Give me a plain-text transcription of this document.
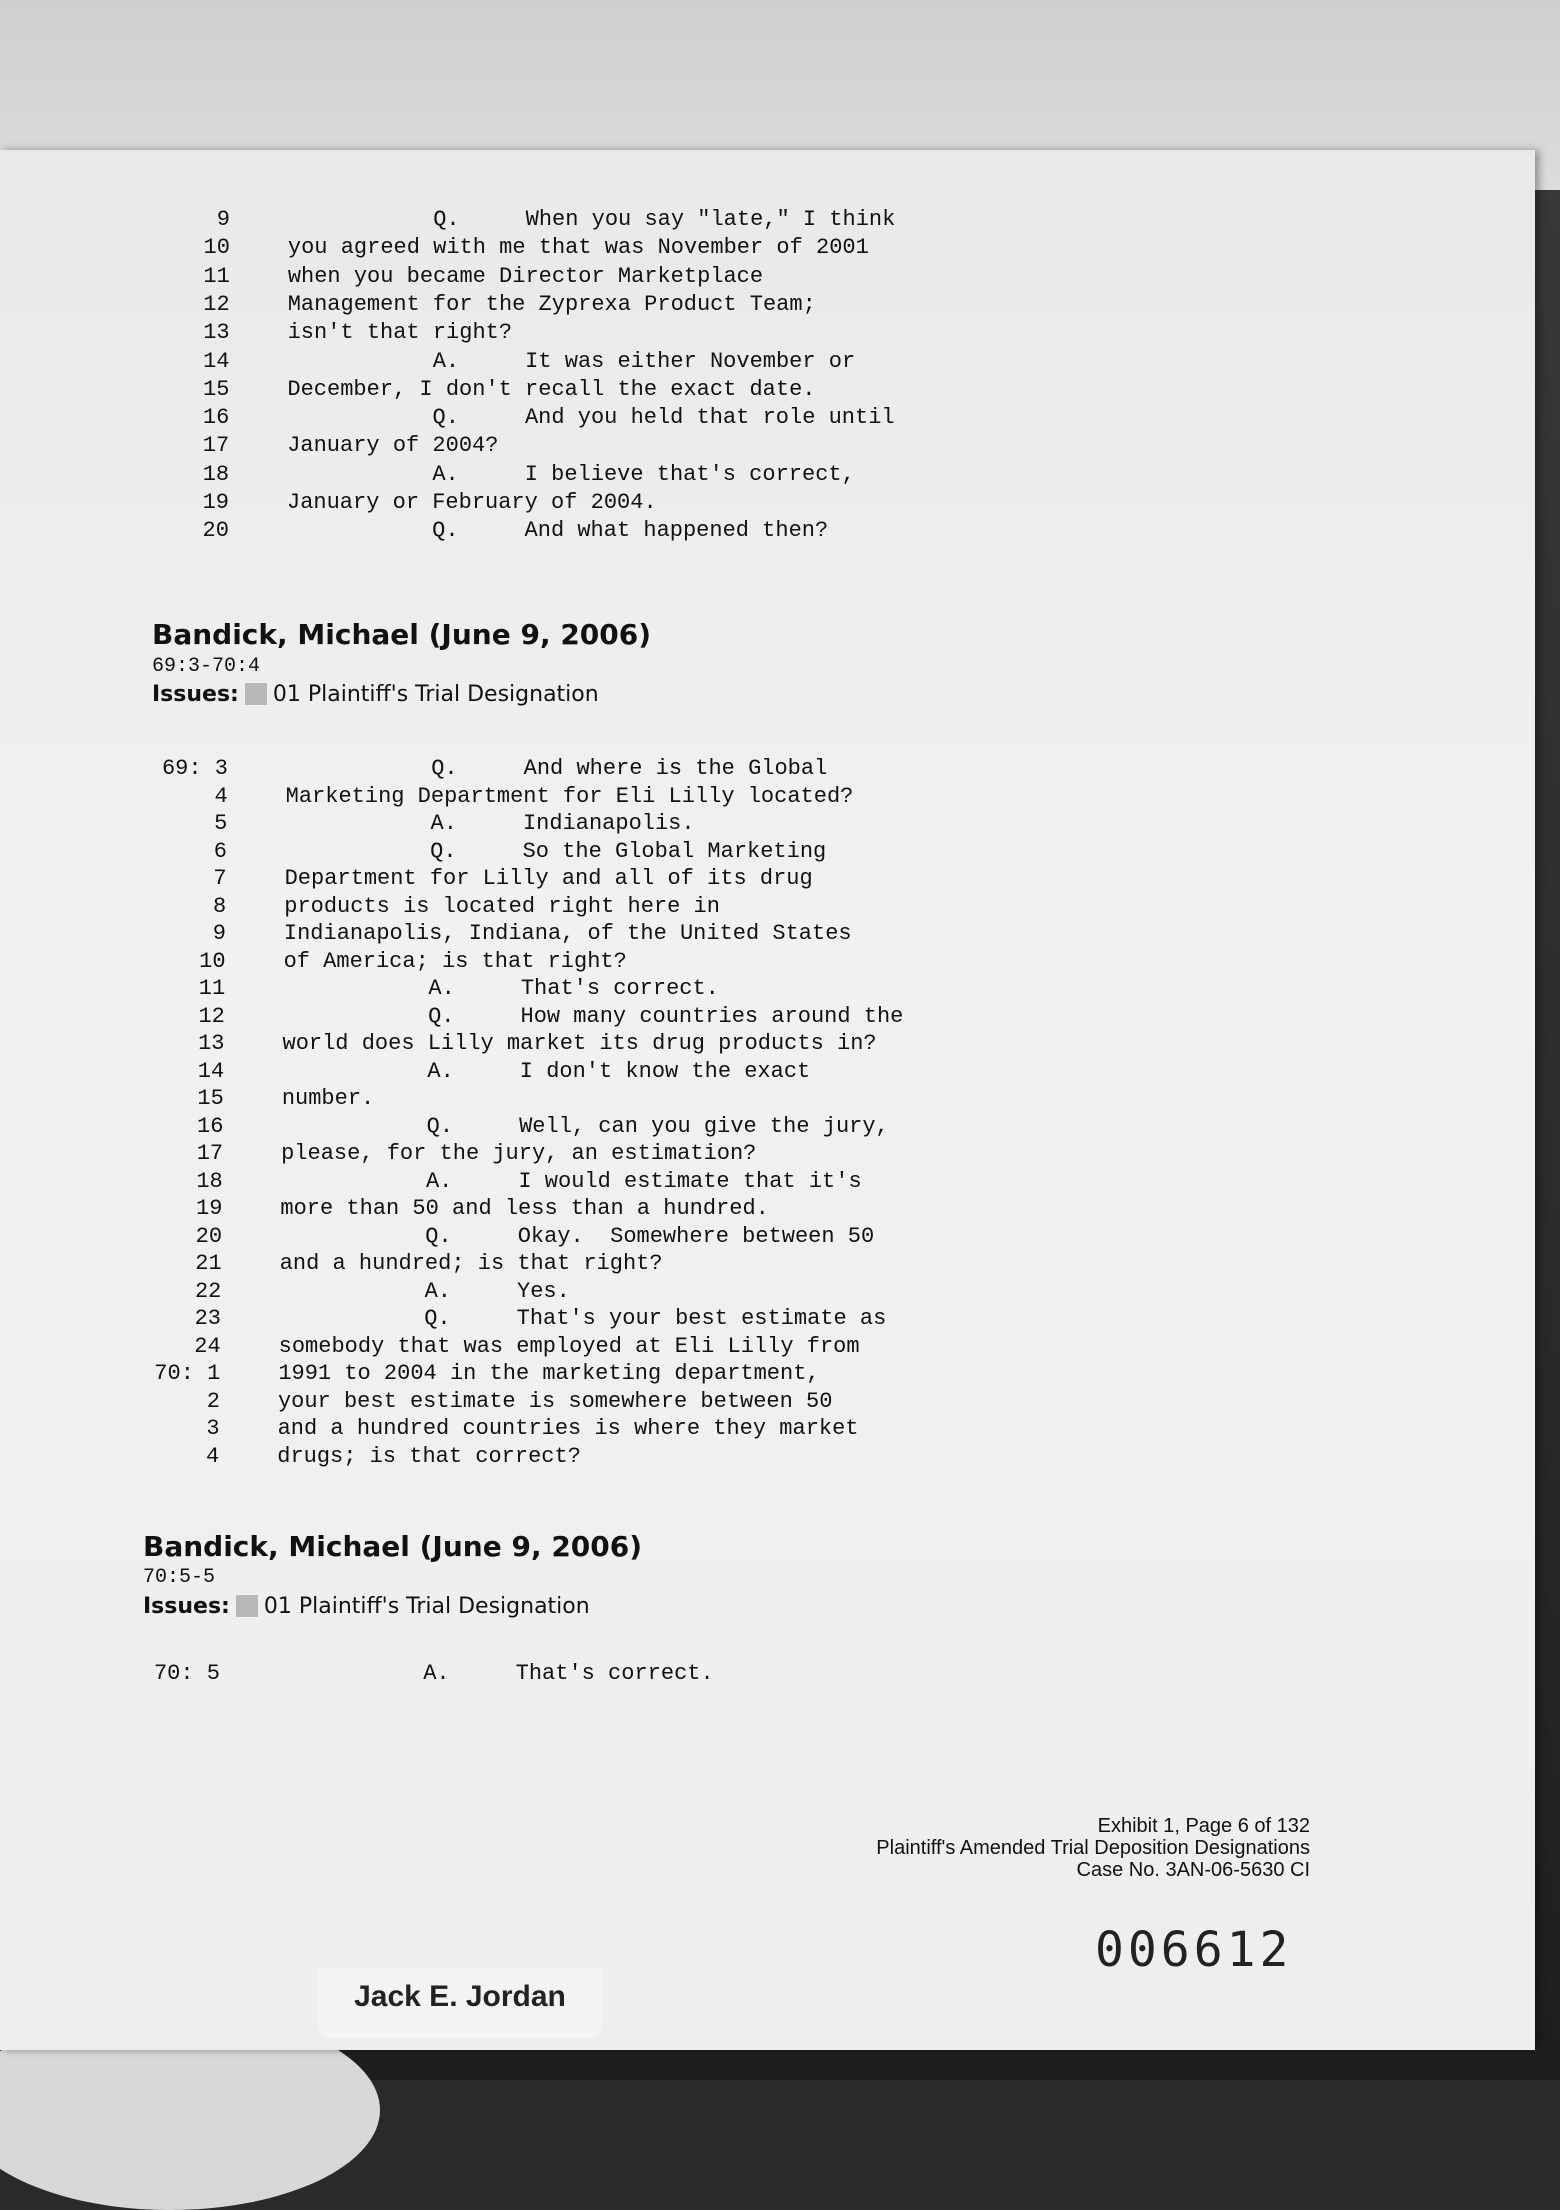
9	Q.     When you say "late," I think
10	you agreed with me that was November of 2001
11	when you became Director Marketplace
12	Management for the Zyprexa Product Team;
13	isn't that right?
14	A.     It was either November or
15	December, I don't recall the exact date.
16	Q.     And you held that role until
17	January of 2004?
18	A.     I believe that's correct,
19	January or February of 2004.
20	Q.     And what happened then?
Bandick, Michael (June 9, 2006)
69:3-70:4
Issues: 01 Plaintiff's Trial Designation
69: 3	Q.     And where is the Global
4	Marketing Department for Eli Lilly located?
5	A.     Indianapolis.
6	Q.     So the Global Marketing
7	Department for Lilly and all of its drug
8	products is located right here in
9	Indianapolis, Indiana, of the United States
10	of America; is that right?
11	A.     That's correct.
12	Q.     How many countries around the
13	world does Lilly market its drug products in?
14	A.     I don't know the exact
15	number.
16	Q.     Well, can you give the jury,
17	please, for the jury, an estimation?
18	A.     I would estimate that it's
19	more than 50 and less than a hundred.
20	Q.     Okay.  Somewhere between 50
21	and a hundred; is that right?
22	A.     Yes.
23	Q.     That's your best estimate as
24	somebody that was employed at Eli Lilly from
70: 1	1991 to 2004 in the marketing department,
2	your best estimate is somewhere between 50
3	and a hundred countries is where they market
4	drugs; is that correct?
Bandick, Michael (June 9, 2006)
70:5-5
Issues: 01 Plaintiff's Trial Designation
70: 5	A.     That's correct.
Exhibit 1, Page 6 of 132
Plaintiff's Amended Trial Deposition Designations
Case No. 3AN-06-5630 CI
006612
Jack E. Jordan
